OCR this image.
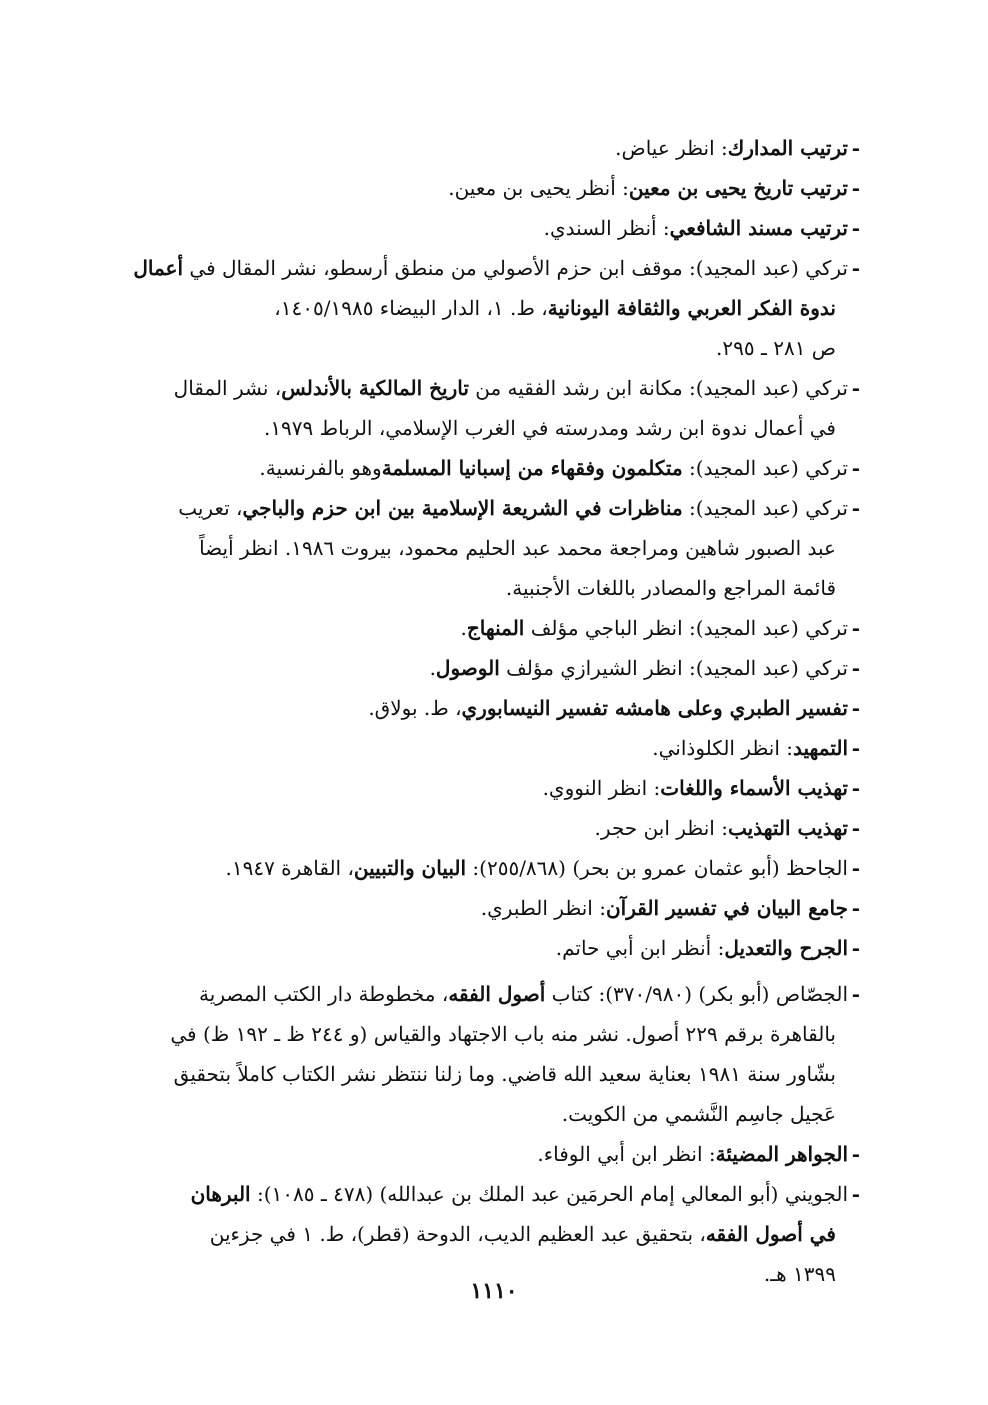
‐
ترتيب المدارك: انظر عياض.
‐
ترتيب تاريخ يحيى بن معين: أنظر يحيى بن معين.
‐
ترتيب مسند الشافعي: أنظر السندي.
‐
تركي (عبد المجيد): موقف ابن حزم الأصولي من منطق أرسطو، نشر المقال في أعمال
ندوة الفكر العربي والثقافة اليونانية، ط. ١، الدار البيضاء ١٤٠٥/١٩٨٥،
ص ٢٨١ ـ ٢٩٥.
‐
تركي (عبد المجيد): مكانة ابن رشد الفقيه من تاريخ المالكية بالأندلس، نشر المقال
في أعمال ندوة ابن رشد ومدرسته في الغرب الإسلامي، الرباط ١٩٧٩.
‐
تركي (عبد المجيد): متكلمون وفقهاء من إسبانيا المسلمةوهو بالفرنسية.
‐
تركي (عبد المجيد): مناظرات في الشريعة الإسلامية بين ابن حزم والباجي، تعريب
عبد الصبور شاهين ومراجعة محمد عبد الحليم محمود، بيروت ١٩٨٦. انظر أيضاً
قائمة المراجع والمصادر باللغات الأجنبية.
‐
تركي (عبد المجيد): انظر الباجي مؤلف المنهاج.
‐
تركي (عبد المجيد): انظر الشيرازي مؤلف الوصول.
‐
تفسير الطبري وعلى هامشه تفسير النيسابوري، ط. بولاق.
‐
التمهيد: انظر الكلوذاني.
‐
تهذيب الأسماء واللغات: انظر النووي.
‐
تهذيب التهذيب: انظر ابن حجر.
‐
الجاحظ (أبو عثمان عمرو بن بحر) (٢٥٥/٨٦٨): البيان والتبيين، القاهرة ١٩٤٧.
‐
جامع البيان في تفسير القرآن: انظر الطبري.
‐
الجرح والتعديل: أنظر ابن أبي حاتم.
‐
الجصّاص (أبو بكر) (٣٧٠/٩٨٠): كتاب أصول الفقه، مخطوطة دار الكتب المصرية
بالقاهرة برقم ٢٢٩ أصول. نشر منه باب الاجتهاد والقياس (و ٢٤٤ ظ ـ ١٩٢ ظ) في
بشّاور سنة ١٩٨١ بعناية سعيد الله قاضي. وما زلنا ننتظر نشر الكتاب كاملاً بتحقيق
عَجيل جاسِم النَّشمي من الكويت.
‐
الجواهر المضيئة: انظر ابن أبي الوفاء.
‐
الجويني (أبو المعالي إمام الحرمَين عبد الملك بن عبدالله) (٤٧٨ ـ ١٠٨٥): البرهان
في أصول الفقه، بتحقيق عبد العظيم الديب، الدوحة (قطر)، ط. ١ في جزءين
١٣٩٩ هـ.
١١١٠
